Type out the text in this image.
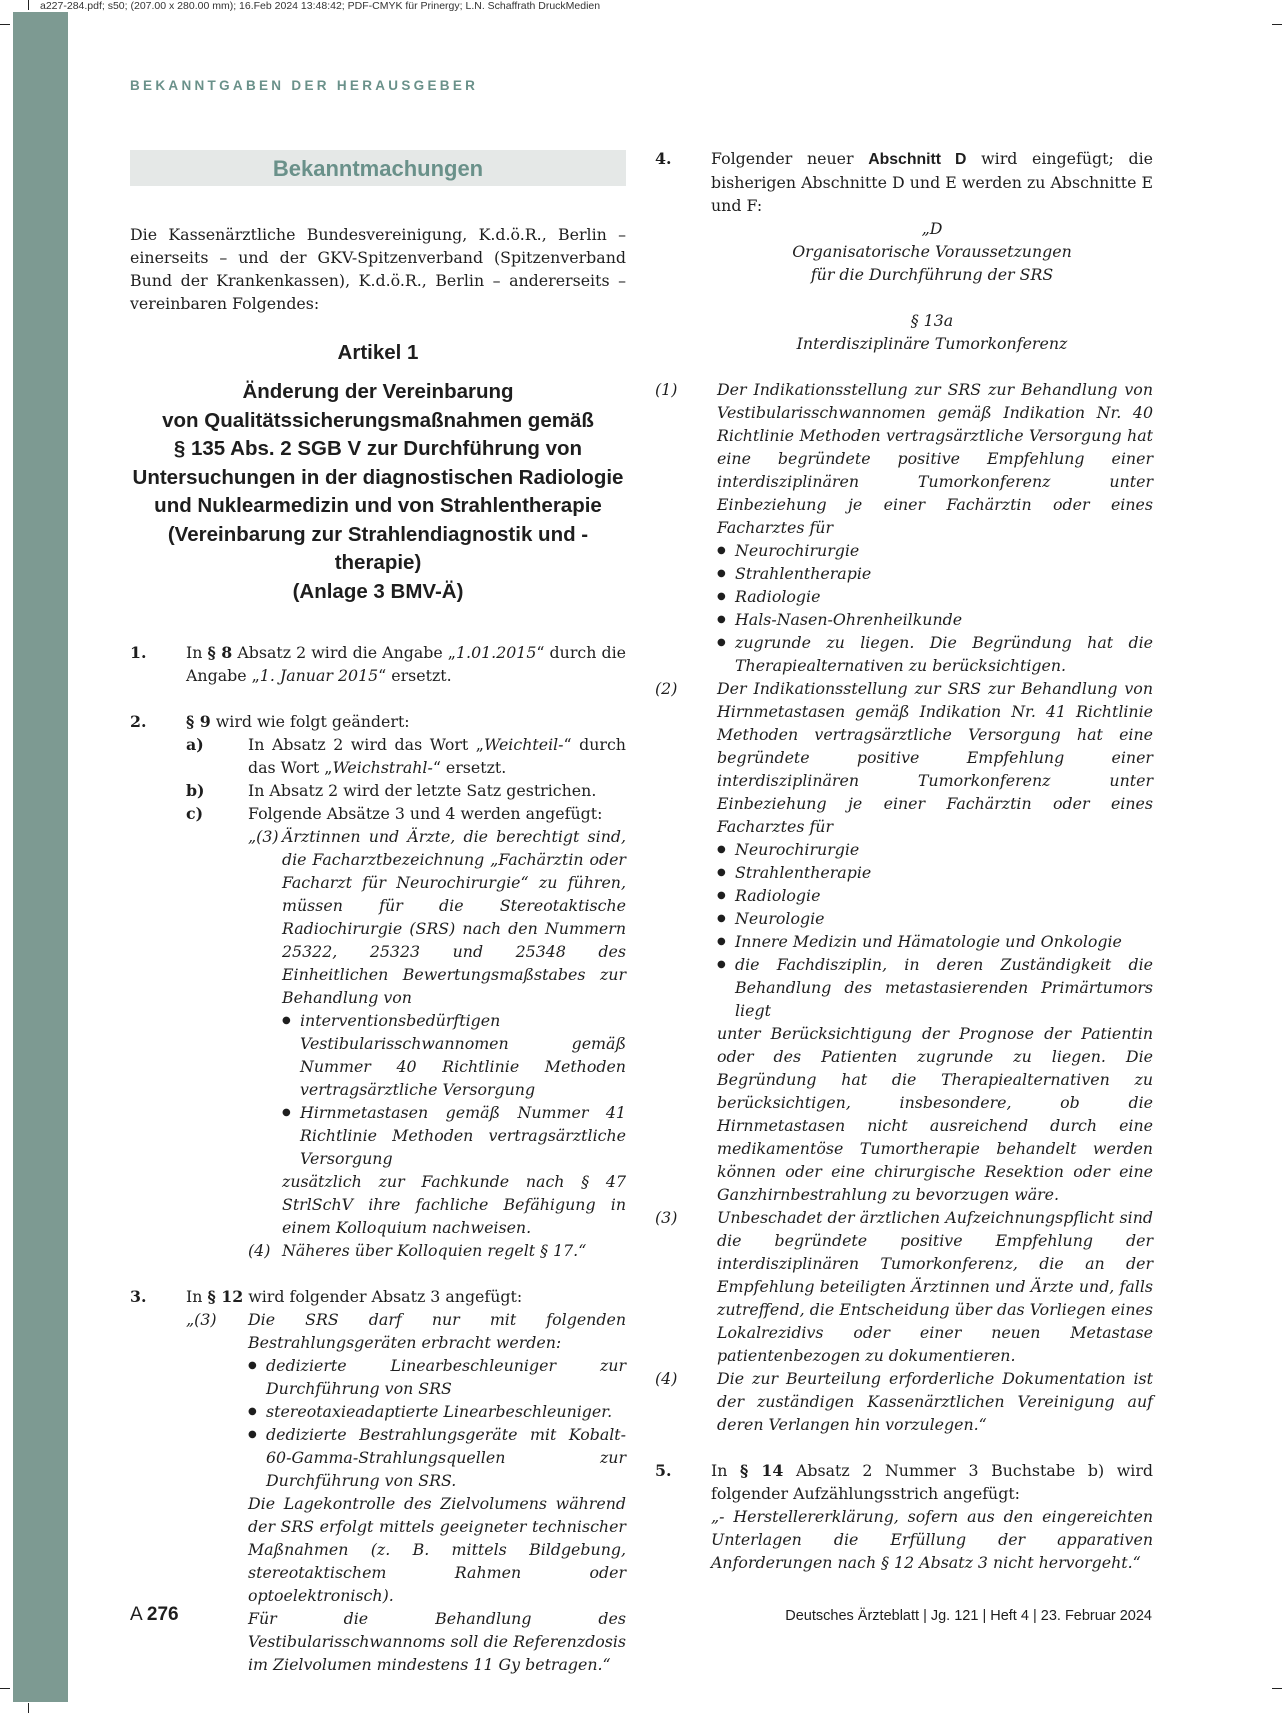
a227-284.pdf; s50; (207.00 x 280.00 mm); 16.Feb 2024 13:48:42; PDF-CMYK für Prinergy; L.N. Schaffrath DruckMedien
BEKANNTGABEN DER HERAUSGEBER
Bekanntmachungen

Die Kassenärztliche Bundesvereinigung, K.d.ö.R., Berlin – einerseits – und der GKV-Spitzenverband (Spitzenverband Bund der Krankenkassen), K.d.ö.R., Berlin – andererseits – vereinbaren Folgendes:

Artikel 1
Änderung der Vereinbarung
von Qualitätssicherungsmaßnahmen gemäß
§ 135 Abs. 2 SGB V zur Durchführung von
Untersuchungen in der diagnostischen Radiologie
und Nuklearmedizin und von Strahlentherapie
(Vereinbarung zur Strahlendiagnostik und -therapie)
(Anlage 3 BMV-Ä)
1.	In § 8 Absatz 2 wird die Angabe „1.01.2015“ durch die Angabe „1. Januar 2015“ ersetzt.

2.	§ 9 wird wie folgt geändert:

a)	In Absatz 2 wird das Wort „Weichteil-“ durch das Wort „Weichstrahl-“ ersetzt.

b)	In Absatz 2 wird der letzte Satz gestrichen.

c)	Folgende Absätze 3 und 4 werden angefügt:

„(3) Ärztinnen und Ärzte, die berechtigt sind, die Facharztbezeichnung „Fachärztin oder Facharzt für Neurochirurgie“ zu führen, müssen für die Stereotaktische Radiochirurgie (SRS) nach den Nummern 25322, 25323 und 25348 des Einheitlichen Bewertungsmaßstabes zur Behandlung von

● interventionsbedürftigen Vestibularisschwannomen gemäß Nummer 40 Richtlinie Methoden vertragsärztliche Versorgung
● Hirnmetastasen gemäß Nummer 41 Richtlinie Methoden vertragsärztliche Versorgung

zusätzlich zur Fachkunde nach § 47 StrlSchV ihre fachliche Befähigung in einem Kolloquium nachweisen.

(4) Näheres über Kolloquien regelt § 17.“

3.	In § 12 wird folgender Absatz 3 angefügt:

„(3)	Die SRS darf nur mit folgenden Bestrahlungsgeräten erbracht werden:

● dedizierte Linearbeschleuniger zur Durchführung von SRS
● stereotaxieadaptierte Linearbeschleuniger.
● dedizierte Bestrahlungsgeräte mit Kobalt-60-Gamma-Strahlungsquellen zur Durchführung von SRS.

Die Lagekontrolle des Zielvolumens während der SRS erfolgt mittels geeigneter technischer Maßnahmen (z. B. mittels Bildgebung, stereotaktischem Rahmen oder optoelektronisch).

Für die Behandlung des Vestibularisschwannoms soll die Referenzdosis im Zielvolumen mindestens 11 Gy betragen.“

4.	Folgender neuer Abschnitt D wird eingefügt; die bisherigen Abschnitte D und E werden zu Abschnitte E und F:

„D
Organisatorische Voraussetzungen
für die Durchführung der SRS
§ 13a
Interdisziplinäre Tumorkonferenz
(1)	Der Indikationsstellung zur SRS zur Behandlung von Vestibularisschwannomen gemäß Indikation Nr. 40 Richtlinie Methoden vertragsärztliche Versorgung hat eine begründete positive Empfehlung einer interdisziplinären Tumorkonferenz unter Einbeziehung je einer Fachärztin oder eines Facharztes für

● Neurochirurgie
● Strahlentherapie
● Radiologie
● Hals-Nasen-Ohrenheilkunde
● zugrunde zu liegen. Die Begründung hat die Therapiealternativen zu berücksichtigen.
(2)	Der Indikationsstellung zur SRS zur Behandlung von Hirnmetastasen gemäß Indikation Nr. 41 Richtlinie Methoden vertragsärztliche Versorgung hat eine begründete positive Empfehlung einer interdisziplinären Tumorkonferenz unter Einbeziehung je einer Fachärztin oder eines Facharztes für

● Neurochirurgie
● Strahlentherapie
● Radiologie
● Neurologie
● Innere Medizin und Hämatologie und Onkologie
● die Fachdisziplin, in deren Zuständigkeit die Behandlung des metastasierenden Primärtumors liegt

unter Berücksichtigung der Prognose der Patientin oder des Patienten zugrunde zu liegen. Die Begründung hat die Therapiealternativen zu berücksichtigen, insbesondere, ob die Hirnmetastasen nicht ausreichend durch eine medikamentöse Tumortherapie behandelt werden können oder eine chirurgische Resektion oder eine Ganzhirnbestrahlung zu bevorzugen wäre.

(3)	Unbeschadet der ärztlichen Aufzeichnungspflicht sind die begründete positive Empfehlung der interdisziplinären Tumorkonferenz, die an der Empfehlung beteiligten Ärztinnen und Ärzte und, falls zutreffend, die Entscheidung über das Vorliegen eines Lokalrezidivs oder einer neuen Metastase patientenbezogen zu dokumentieren.

(4)	Die zur Beurteilung erforderliche Dokumentation ist der zuständigen Kassenärztlichen Vereinigung auf deren Verlangen hin vorzulegen.“

5.	In § 14 Absatz 2 Nummer 3 Buchstabe b) wird folgender Aufzählungsstrich angefügt:

„- Herstellererklärung, sofern aus den eingereichten Unterlagen die Erfüllung der apparativen Anforderungen nach § 12 Absatz 3 nicht hervorgeht.“

A 276	Deutsches Ärzteblatt | Jg. 121 | Heft 4 | 23. Februar 2024
